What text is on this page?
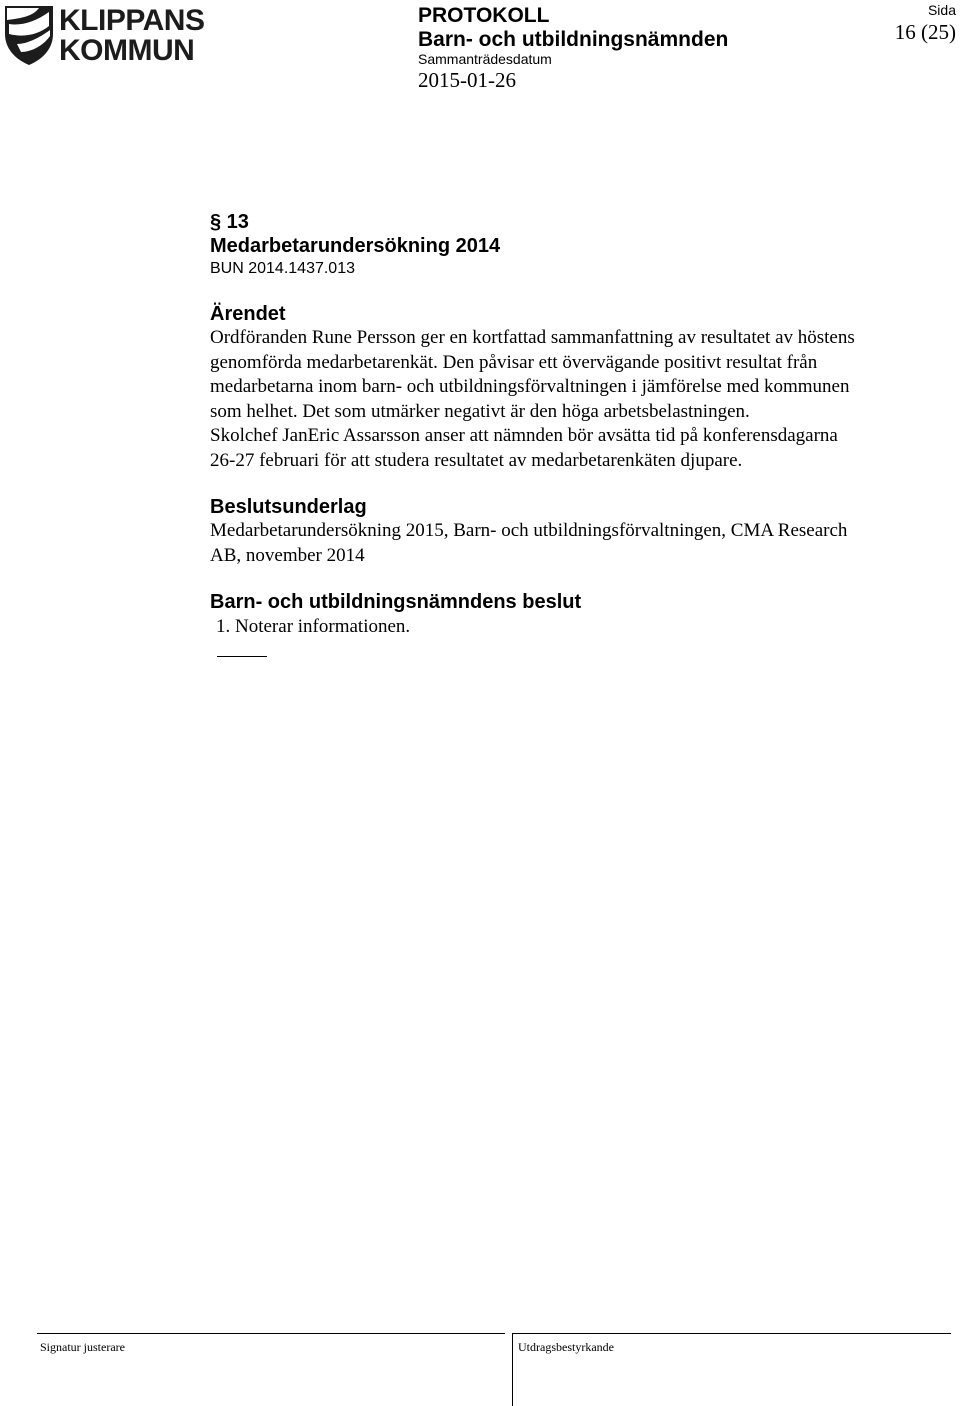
KLIPPANS
KOMMUN
PROTOKOLL
Barn- och utbildningsnämnden
Sammanträdesdatum
2015-01-26
Sida
16 (25)
§ 13
Medarbetarundersökning 2014
BUN 2014.1437.013
Ärendet

Ordföranden Rune Persson ger en kortfattad sammanfattning av resultatet av höstens

genomförda medarbetarenkät. Den påvisar ett övervägande positivt resultat från

medarbetarna inom barn- och utbildningsförvaltningen i jämförelse med kommunen

som helhet. Det som utmärker negativt är den höga arbetsbelastningen.

Skolchef JanEric Assarsson anser att nämnden bör avsätta tid på konferensdagarna

26-27 februari för att studera resultatet av medarbetarenkäten djupare.

Beslutsunderlag

Medarbetarundersökning 2015, Barn- och utbildningsförvaltningen, CMA Research

AB, november 2014

Barn- och utbildningsnämndens beslut
1. Noterar informationen.
Signatur justerare	Utdragsbestyrkande
